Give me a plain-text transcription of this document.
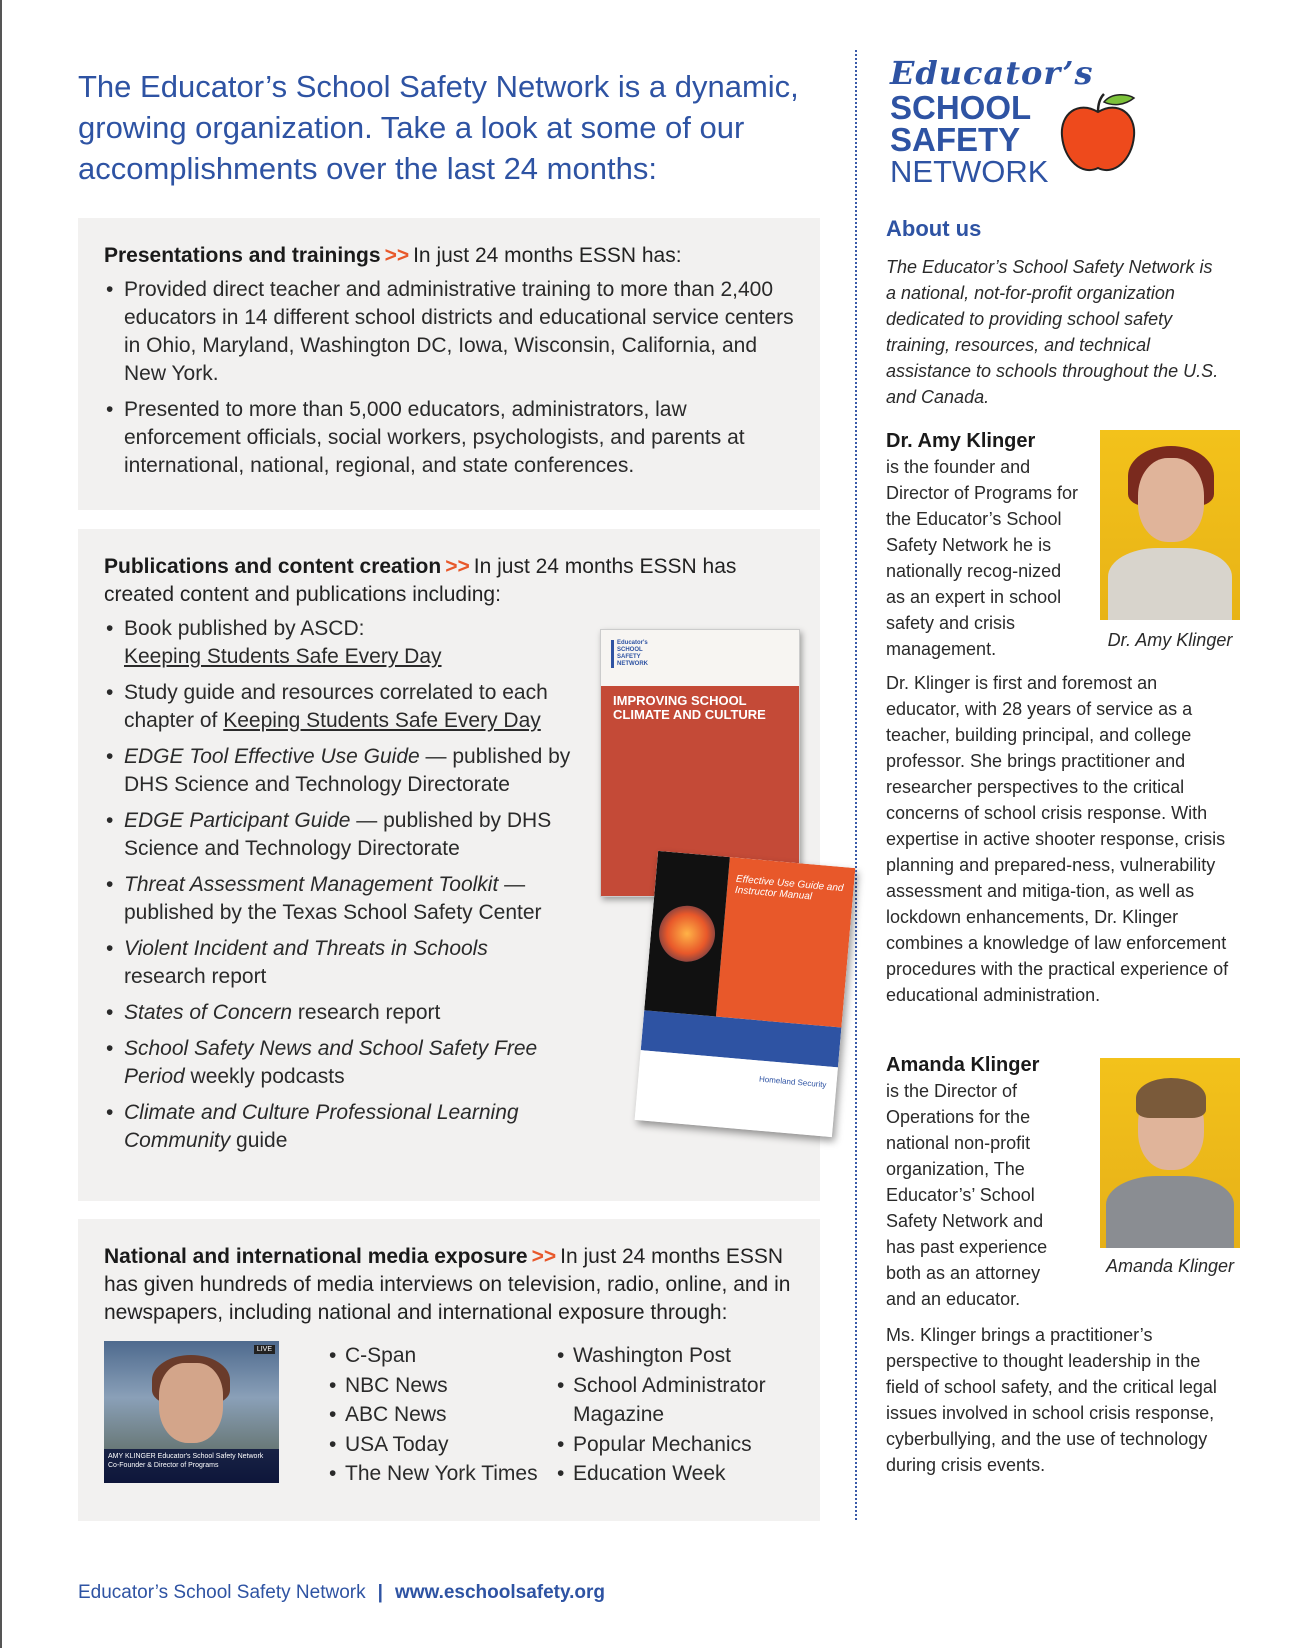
The Educator’s School Safety Network is a dynamic, growing organization. Take a look at some of our accomplishments over the last 24 months:
Presentations and trainings >> In just 24 months ESSN has:
• Provided direct teacher and administrative training to more than 2,400 educators in 14 different school districts and educational service centers in Ohio, Maryland, Washington DC, Iowa, Wisconsin, California, and New York.
• Presented to more than 5,000 educators, administrators, law enforcement officials, social workers, psychologists, and parents at international, national, regional, and state conferences.
Publications and content creation >> In just 24 months ESSN has created content and publications including:
• Book published by ASCD:
Keeping Students Safe Every Day
• Study guide and resources correlated to each chapter of Keeping Students Safe Every Day
• EDGE Tool Effective Use Guide — published by DHS Science and Technology Directorate
• EDGE Participant Guide — published by DHS Science and Technology Directorate
• Threat Assessment Management Toolkit — published by the Texas School Safety Center
• Violent Incident and Threats in Schools research report
• States of Concern research report
• School Safety News and School Safety Free Period weekly podcasts
• Climate and Culture Professional Learning Community guide
Educator's SCHOOL SAFETY NETWORK
IMPROVING SCHOOL CLIMATE AND CULTURE
Effective Use Guide and Instructor Manual
Homeland Security
National and international media exposure >> In just 24 months ESSN has given hundreds of media interviews on television, radio, online, and in newspapers, including national and international exposure through:
LIVE
AMY KLINGER Educator's School Safety Network Co-Founder & Director of Programs
• C-Span
• NBC News
• ABC News
• USA Today
• The New York Times
• Washington Post
• School Administrator Magazine
• Popular Mechanics
• Education Week
Educator’s School Safety Network | www.eschoolsafety.org
Educator’s
SCHOOL
SAFETY
NETWORK
About us

The Educator’s School Safety Network is a national, not-for-profit organization dedicated to providing school safety training, resources, and technical assistance to schools throughout the U.S. and Canada.

Dr. Amy Klinger
is the founder and Director of Programs for the Educator’s School Safety Network he is nationally recog-nized as an expert in school safety and crisis management.	Dr. Amy Klinger

Dr. Klinger is first and foremost an educator, with 28 years of service as a teacher, building principal, and college professor. She brings practitioner and researcher perspectives to the critical concerns of school crisis response. With expertise in active shooter response, crisis planning and prepared-ness, vulnerability assessment and mitiga-tion, as well as lockdown enhancements, Dr. Klinger combines a knowledge of law enforcement procedures with the practical experience of educational administration.

Amanda Klinger
is the Director of Operations for the national non-profit organization, The Educator’s’ School Safety Network and has past experience both as an attorney and an educator.
Amanda Klinger

Ms. Klinger brings a practitioner’s perspective to thought leadership in the field of school safety, and the critical legal issues involved in school crisis response, cyberbullying, and the use of technology during crisis events.
